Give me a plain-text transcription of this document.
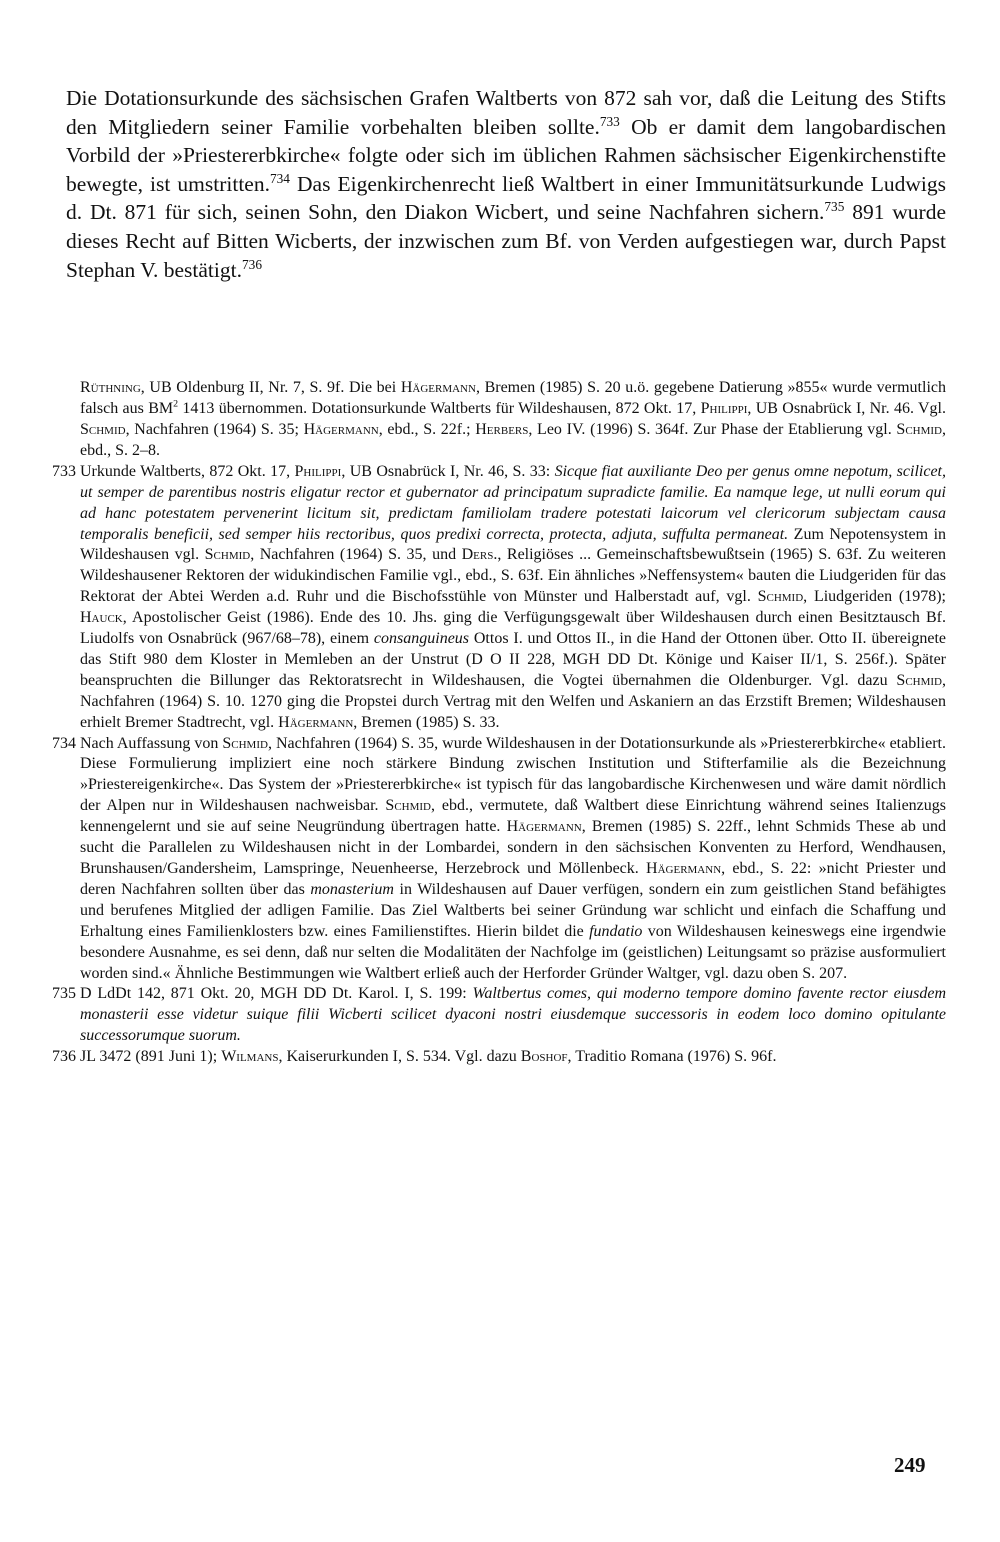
Die Dotationsurkunde des sächsischen Grafen Waltberts von 872 sah vor, daß die Leitung des Stifts den Mitgliedern seiner Familie vorbehalten bleiben sollte.$^{733}$ Ob er damit dem langobardischen Vorbild der »Priestererbkirche« folgte oder sich im üblichen Rahmen sächsischer Eigenkirchenstifte bewegte, ist umstritten.$^{734}$ Das Eigenkirchenrecht ließ Waltbert in einer Immunitätsurkunde Ludwigs d. Dt. 871 für sich, seinen Sohn, den Diakon Wicbert, und seine Nachfahren sichern.$^{735}$ 891 wurde dieses Recht auf Bitten Wicberts, der inzwischen zum Bf. von Verden aufgestiegen war, durch Papst Stephan V. bestätigt.$^{736}$

Rüthning, UB Oldenburg II, Nr. 7, S. 9f. Die bei Hägermann, Bremen (1985) S. 20 u.ö. gegebene Datierung »855« wurde vermutlich falsch aus $BM^2$ 1413 übernommen. Dotationsurkunde Waltberts für Wildeshausen, 872 Okt. 17, Philippi, UB Osnabrück I, Nr. 46. Vgl. Schmid, Nachfahren (1964) S. 35; Hägermann, ebd., S. 22f.; Herbers, Leo IV. (1996) S. 364f. Zur Phase der Etablierung vgl. Schmid, ebd., S. 2–8.

733 Urkunde Waltberts, 872 Okt. 17, Philippi, UB Osnabrück I, Nr. 46, S. 33: Sicque fiat auxiliante Deo per genus omne nepotum, scilicet, ut semper de parentibus nostris eligatur rector et gubernator ad principatum supradicte familie. Ea namque lege, ut nulli eorum qui ad hanc potestatem pervenerint licitum sit, predictam familiolam tradere potestati laicorum vel clericorum subjectam causa temporalis beneficii, sed semper hiis rectoribus, quos predixi correcta, protecta, adjuta, suffulta permaneat. Zum Nepotensystem in Wildeshausen vgl. Schmid, Nachfahren (1964) S. 35, und Ders., Religiöses ... Gemeinschaftsbewußtsein (1965) S. 63f. Zu weiteren Wildeshausener Rektoren der widukindischen Familie vgl., ebd., S. 63f. Ein ähnliches »Neffensystem« bauten die Liudgeriden für das Rektorat der Abtei Werden a.d. Ruhr und die Bischofsstühle von Münster und Halberstadt auf, vgl. Schmid, Liudgeriden (1978); Hauck, Apostolischer Geist (1986). Ende des 10. Jhs. ging die Verfügungsgewalt über Wildeshausen durch einen Besitztausch Bf. Liudolfs von Osnabrück (967/68–78), einem consanguineus Ottos I. und Ottos II., in die Hand der Ottonen über. Otto II. übereignete das Stift 980 dem Kloster in Memleben an der Unstrut (D O II 228, MGH DD Dt. Könige und Kaiser II/1, S. 256f.). Später beanspruchten die Billunger das Rektoratsrecht in Wildeshausen, die Vogtei übernahmen die Oldenburger. Vgl. dazu Schmid, Nachfahren (1964) S. 10. 1270 ging die Propstei durch Vertrag mit den Welfen und Askaniern an das Erzstift Bremen; Wildeshausen erhielt Bremer Stadtrecht, vgl. Hägermann, Bremen (1985) S. 33.

734 Nach Auffassung von Schmid, Nachfahren (1964) S. 35, wurde Wildeshausen in der Dotationsurkunde als »Priestererbkirche« etabliert. Diese Formulierung impliziert eine noch stärkere Bindung zwischen Institution und Stifterfamilie als die Bezeichnung »Priestereigenkirche«. Das System der »Priestererbkirche« ist typisch für das langobardische Kirchenwesen und wäre damit nördlich der Alpen nur in Wildeshausen nachweisbar. Schmid, ebd., vermutete, daß Waltbert diese Einrichtung während seines Italienzugs kennengelernt und sie auf seine Neugründung übertragen hatte. Hägermann, Bremen (1985) S. 22ff., lehnt Schmids These ab und sucht die Parallelen zu Wildeshausen nicht in der Lombardei, sondern in den sächsischen Konventen zu Herford, Wendhausen, Brunshausen/Gandersheim, Lamspringe, Neuenheerse, Herzebrock und Möllenbeck. Hägermann, ebd., S. 22: »nicht Priester und deren Nachfahren sollten über das monasterium in Wildeshausen auf Dauer verfügen, sondern ein zum geistlichen Stand befähigtes und berufenes Mitglied der adligen Familie. Das Ziel Waltberts bei seiner Gründung war schlicht und einfach die Schaffung und Erhaltung eines Familienklosters bzw. eines Familienstiftes. Hierin bildet die fundatio von Wildeshausen keineswegs eine irgendwie besondere Ausnahme, es sei denn, daß nur selten die Modalitäten der Nachfolge im (geistlichen) Leitungsamt so präzise ausformuliert worden sind.« Ähnliche Bestimmungen wie Waltbert erließ auch der Herforder Gründer Waltger, vgl. dazu oben S. 207.

735 D LdDt 142, 871 Okt. 20, MGH DD Dt. Karol. I, S. 199: Waltbertus comes, qui moderno tempore domino favente rector eiusdem monasterii esse videtur suique filii Wicberti scilicet dyaconi nostri eiusdemque successoris in eodem loco domino opitulante successorumque suorum.

736 JL 3472 (891 Juni 1); Wilmans, Kaiserurkunden I, S. 534. Vgl. dazu Boshof, Traditio Romana (1976) S. 96f.

249
